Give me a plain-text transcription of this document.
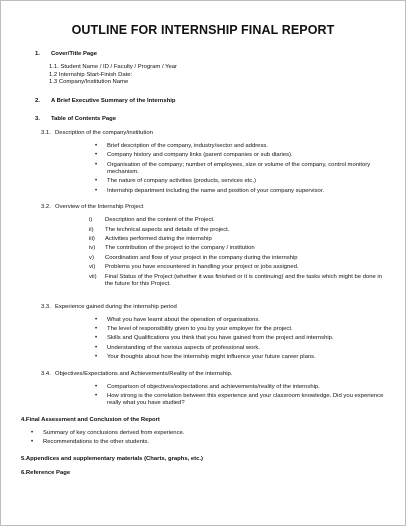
OUTLINE FOR INTERNSHIP FINAL REPORT
1. Cover/Title Page
1.1. Student Name / ID / Faculty / Program / Year
1.2 Internship Start-Finish Date:
1.3 Company/Institution Name
2. A Brief Executive Summary of the Internship
3. Table of Contents Page
3.1. Description of the company/institution
• Brief description of the company, industry/sector and address.
• Company history and company links (parent companies or sub diaries).
• Organisation of the company; number of employees, size or volume of the company, control monitory mechanism.
• The nature of company activities (products, services etc.)
• Internship department including the name and position of your company supervisor.
3.2. Overview of the Internship Project
i) Description and the content of the Project.
ii) The technical aspects and details of the project.
iii) Activities performed during the internship
iv) The contribution of the project to the company / institution
v) Coordination and flow of your project in the company during the internship
vi) Problems you have encountered in handling your project or jobs assigned.
vii) Final Status of the Project (whether it was finished or it is continuing) and the tasks which might be done in the future for this Project.
3.3. Experience gained during the internship period
• What you have learnt about the operation of organisations.
• The level of responsibility given to you by your employer for the project.
• Skills and Qualifications you think that you have gained from the project and internship.
• Understanding of the various aspects of professional work.
• Your thoughts about how the internship might influence your future career plans.
3.4. Objectives/Expectations and Achievements/Reality of the internship.
• Comparison of objectives/expectations and achievements/reality of the internship.
• How strong is the correlation between this experience and your classroom knowledge. Did you experience really what you have studied?
4.Final Assessment and Conclusion of the Report
• Summary of key conclusions derived from experience.
• Recommendations to the other students.
5.Appendices and supplementary materials (Charts, graphs, etc.)
6.Reference Page
